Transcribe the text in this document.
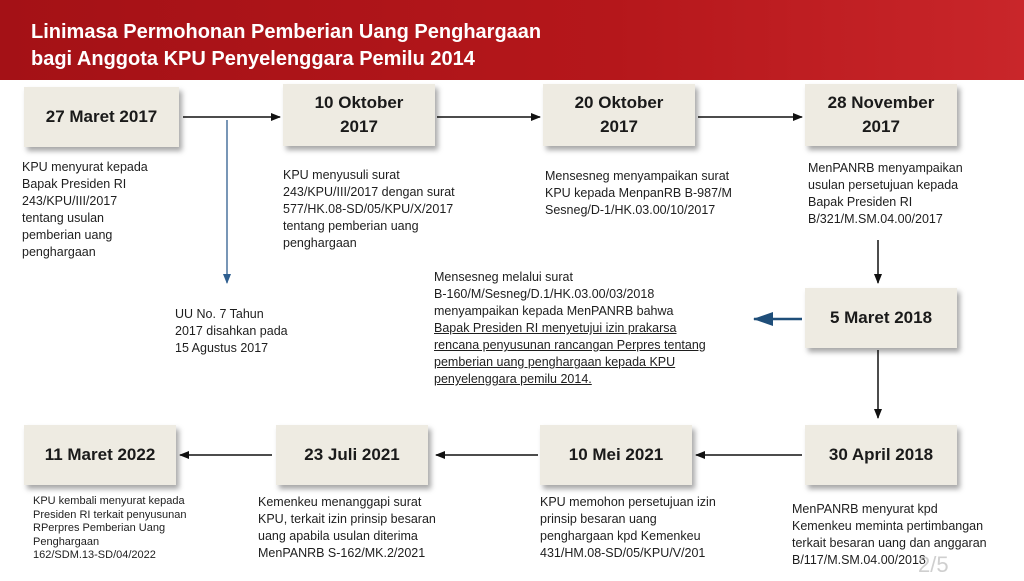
Linimasa Permohonan Pemberian Uang Penghargaan
bagi Anggota KPU Penyelenggara Pemilu 2014
27 Maret 2017
10 Oktober
2017
20 Oktober
2017
28 November
2017
KPU menyurat kepada
Bapak Presiden RI
243/KPU/III/2017
tentang usulan
pemberian uang
penghargaan
KPU menyusuli surat
243/KPU/III/2017 dengan surat
577/HK.08-SD/05/KPU/X/2017
tentang pemberian uang
penghargaan
Mensesneg menyampaikan surat
KPU kepada MenpanRB B-987/M
Sesneg/D-1/HK.03.00/10/2017
MenPANRB menyampaikan
usulan persetujuan kepada
Bapak Presiden RI
B/321/M.SM.04.00/2017
UU No. 7 Tahun
2017 disahkan pada
15 Agustus 2017
Mensesneg melalui surat
B-160/M/Sesneg/D.1/HK.03.00/03/2018
menyampaikan kepada MenPANRB bahwa
Bapak Presiden RI menyetujui izin prakarsa
rencana penyusunan rancangan Perpres tentang
pemberian uang penghargaan kepada KPU
penyelenggara pemilu 2014.
5 Maret 2018
11 Maret 2022	23 Juli 2021	10 Mei 2021	30 April 2018
KPU kembali menyurat kepada
Presiden RI terkait penyusunan
RPerpres Pemberian Uang
Penghargaan
162/SDM.13-SD/04/2022
Kemenkeu menanggapi surat
KPU, terkait izin prinsip besaran
uang apabila usulan diterima
MenPANRB S-162/MK.2/2021
KPU memohon persetujuan izin
prinsip besaran uang
penghargaan kpd Kemenkeu
431/HM.08-SD/05/KPU/V/201
MenPANRB menyurat kpd
Kemenkeu meminta pertimbangan
terkait besaran uang dan anggaran
B/117/M.SM.04.00/2018
2/5
